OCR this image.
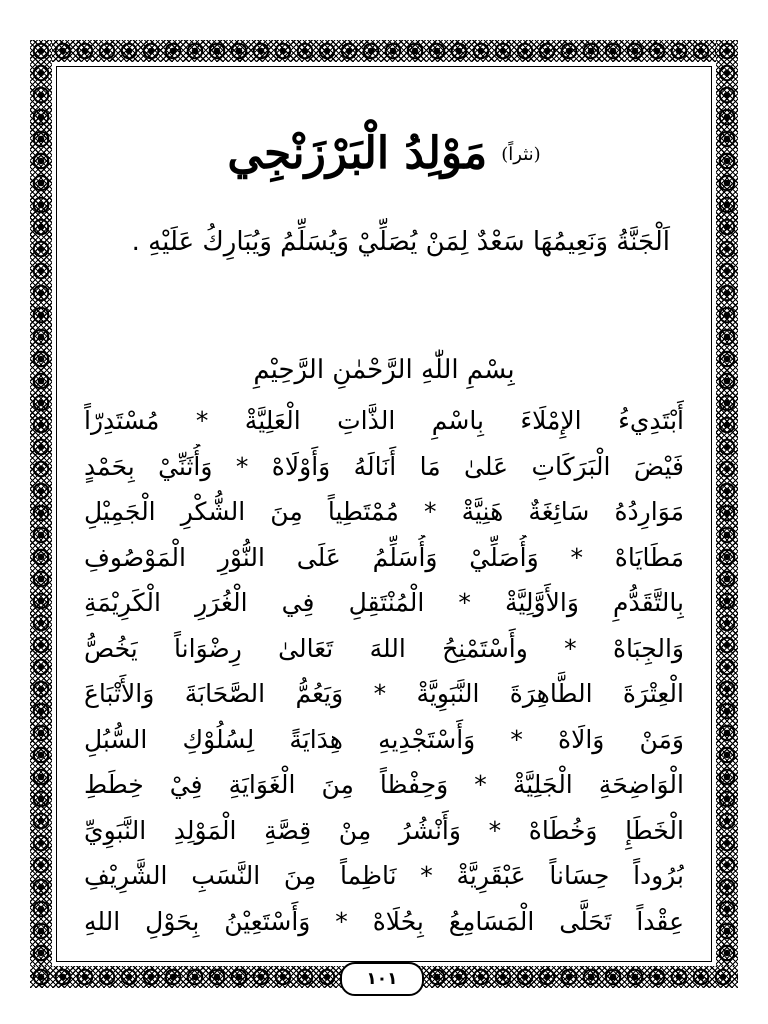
مَوْلِدُ الْبَرْزَنْجِي (نثراً)
اَلْجَنَّةُ وَنَعِيمُهَا سَعْدٌ لِمَنْ يُصَلِّيْ وَيُسَلِّمُ وَيُبَارِكُ عَلَيْهِ .
بِسْمِ اللّٰهِ الرَّحْمٰنِ الرَّحِيْمِ
أَبْتَدِيءُ الإِمْلَاءَ بِاسْمِ الذَّاتِ الْعَلِيَّةْ * مُسْتَدِرّاً
فَيْضَ الْبَرَكَاتِ عَلىٰ مَا أَنَالَهُ وَأَوْلَاهْ * وَأُثَنِّيْ بِحَمْدٍ
مَوَارِدُهُ سَائِغَةٌ هَنِيَّةْ * مُمْتَطِياً مِنَ الشُّكْرِ الْجَمِيْلِ
مَطَايَاهْ * وَأُصَلِّيْ وَأُسَلِّمُ عَلَى النُّوْرِ الْمَوْصُوفِ
بِالتَّقَدُّمِ وَالأَوَّلِيَّةْ * الْمُنْتَقِلِ فِي الْغُرَرِ الْكَرِيْمَةِ
وَالجِبَاهْ * وأَسْتَمْنِحُ اللهَ تَعَالىٰ رِضْوَاناً يَخُصُّ
الْعِتْرَةَ الطَّاهِرَةَ النَّبَوِيَّةْ * وَيَعُمُّ الصَّحَابَةَ وَالأَتْبَاعَ
وَمَنْ وَالَاهْ * وَأَسْتَجْدِيهِ هِدَايَةً لِسُلُوْكِ السُّبُلِ
الْوَاضِحَةِ الْجَلِيَّةْ * وَحِفْظاً مِنَ الْغَوَايَةِ فِيْ خِطَطِ
الْخَطَإِ وَخُطَاهْ * وَأَنْشُرُ مِنْ قِصَّةِ الْمَوْلِدِ النَّبَوِيِّ
بُرُوداً حِسَاناً عَبْقَرِيَّةْ * نَاظِماً مِنَ النَّسَبِ الشَّرِيْفِ
عِقْداً تَحَلَّى الْمَسَامِعُ بِحُلَاهْ * وَأَسْتَعِيْنُ بِحَوْلِ اللهِ
١٠١
